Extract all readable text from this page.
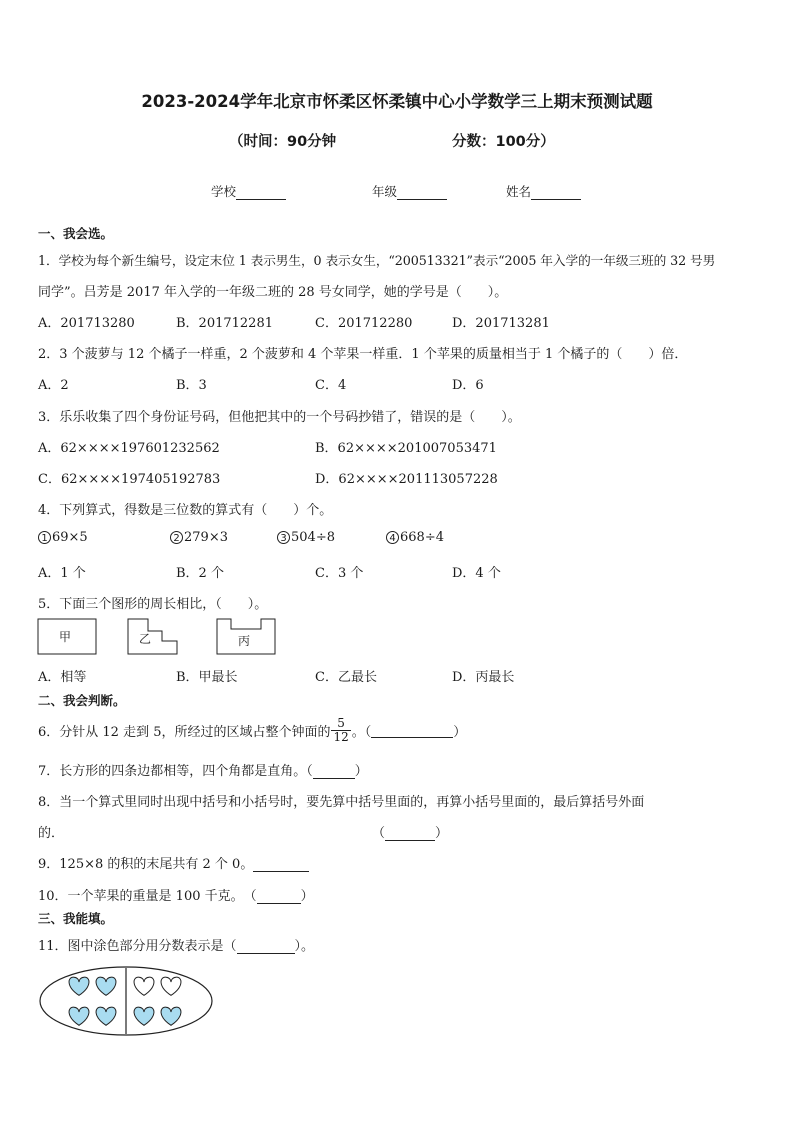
2023-2024学年北京市怀柔区怀柔镇中心小学数学三上期末预测试题
（时间：90分钟	分数：100分）
学校	年级	姓名
一、我会选。
1．学校为每个新生编号，设定末位 1 表示男生，0 表示女生，“200513321”表示“2005 年入学的一年级三班的 32 号男
同学”。吕芳是 2017 年入学的一年级二班的 28 号女同学，她的学号是（　　）。
A．201713280	B．201712281	C．201712280	D．201713281
2．3 个菠萝与 12 个橘子一样重，2 个菠萝和 4 个苹果一样重．1 个苹果的质量相当于 1 个橘子的（　　）倍．
A．2	B．3	C．4	D．6
3．乐乐收集了四个身份证号码，但他把其中的一个号码抄错了，错误的是（　　）。
A．62××××197601232562	B．62××××201007053471
C．62××××197405192783	D．62××××201113057228
4．下列算式，得数是三位数的算式有（　　）个。
1 69×5	2 279×3	3 504÷8	4 668÷4
A．1 个	B．2 个	C．3 个	D．4 个
5．下面三个图形的周长相比，（　　）。
甲	乙	丙
A．相等	B．甲最长	C．乙最长	D．丙最长
二、我会判断。
6．分针从 12 走到 5，所经过的区域占整个钟面的 $\frac{5}{12}$ 。（	）
7．长方形的四条边都相等，四个角都是直角。（	）
8．当一个算式里同时出现中括号和小括号时，要先算中括号里面的，再算小括号里面的，最后算括号外面
的．	（	）
9．125×8 的积的末尾共有 2 个 0。
10．一个苹果的重量是 100 千克。　（	）
三、我能填。
11．图中涂色部分用分数表示是（	）。
